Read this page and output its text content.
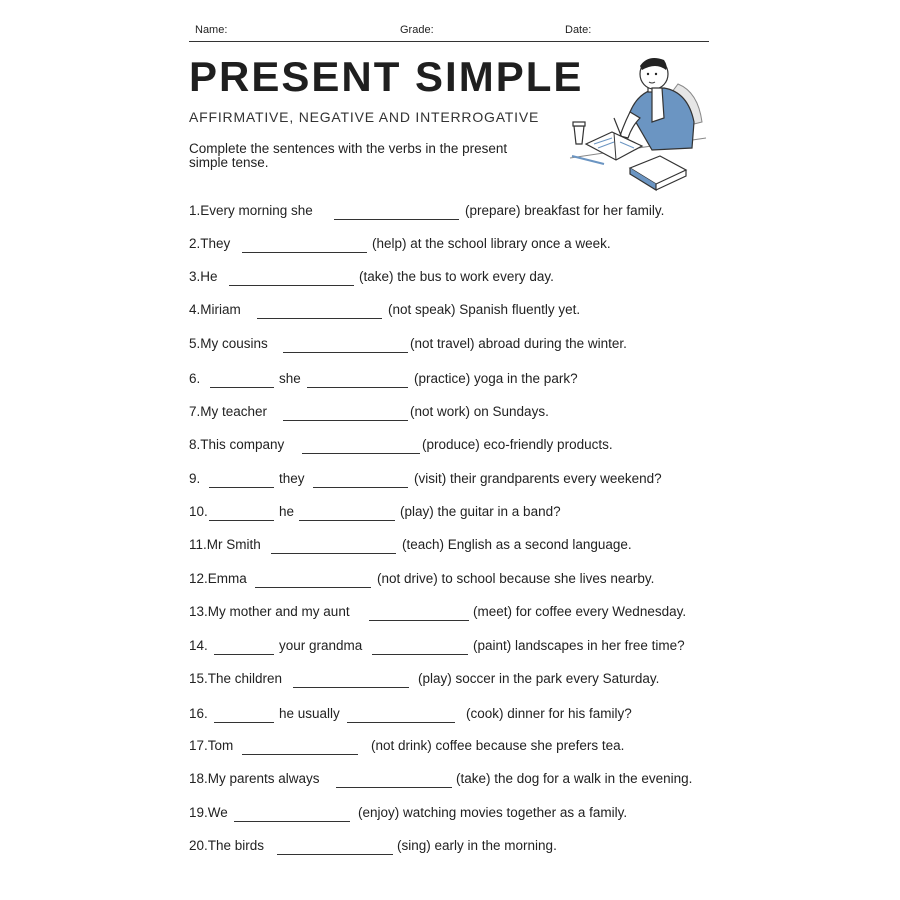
Name:	Grade:	Date:
PRESENT SIMPLE
AFFIRMATIVE, NEGATIVE AND INTERROGATIVE
Complete the sentences with the verbs in the present simple tense.
1.Every morning she	(prepare) breakfast for her family.
2.They	(help) at the school library once a week.
3.He	(take) the bus to work every day.
4.Miriam	(not speak) Spanish fluently yet.
5.My cousins	(not travel) abroad during the winter.
6.	she	(practice) yoga in the park?
7.My teacher	(not work) on Sundays.
8.This company	(produce) eco-friendly products.
9.	they	(visit) their grandparents every weekend?
10.	he	(play) the guitar in a band?
11.Mr Smith	(teach) English as a second language.
12.Emma	(not drive) to school because she lives nearby.
13.My mother and my aunt	(meet) for coffee every Wednesday.
14.	your grandma	(paint) landscapes in her free time?
15.The children	(play) soccer in the park every Saturday.
16.	he usually	(cook) dinner for his family?
17.Tom	(not drink) coffee because she prefers tea.
18.My parents always	(take) the dog for a walk in the evening.
19.We	(enjoy) watching movies together as a family.
20.The birds	(sing) early in the morning.
